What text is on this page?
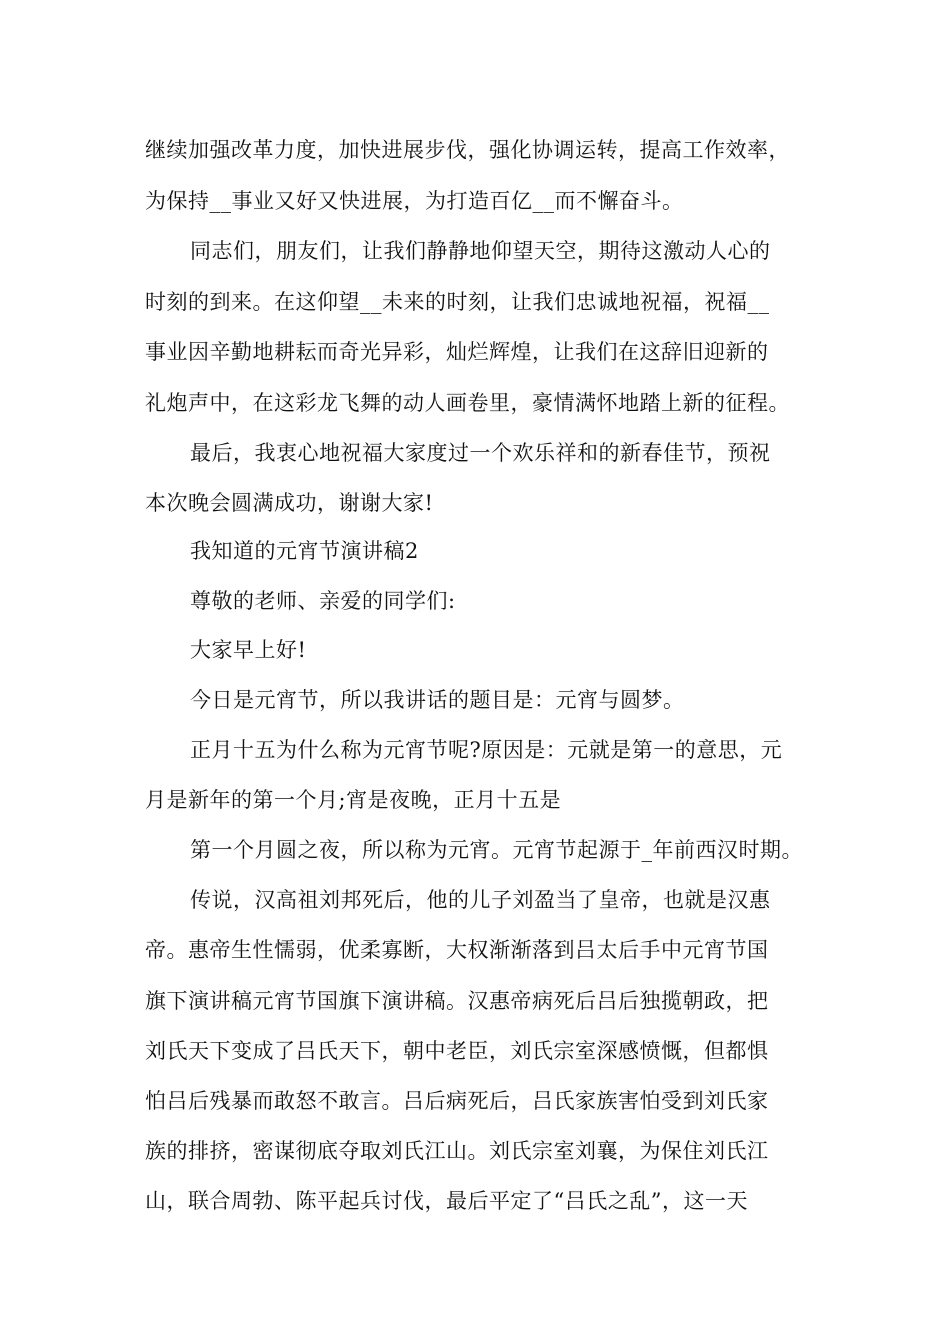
继续加强改革力度，加快进展步伐，强化协调运转，提高工作效率，
为保持__事业又好又快进展，为打造百亿__而不懈奋斗。
同志们，朋友们，让我们静静地仰望天空，期待这激动人心的
时刻的到来。在这仰望__未来的时刻，让我们忠诚地祝福，祝福__
事业因辛勤地耕耘而奇光异彩，灿烂辉煌，让我们在这辞旧迎新的
礼炮声中，在这彩龙飞舞的动人画卷里，豪情满怀地踏上新的征程。
最后，我衷心地祝福大家度过一个欢乐祥和的新春佳节，预祝
本次晚会圆满成功，谢谢大家!
我知道的元宵节演讲稿2
尊敬的老师、亲爱的同学们:
大家早上好!
今日是元宵节，所以我讲话的题目是：元宵与圆梦。
正月十五为什么称为元宵节呢?原因是：元就是第一的意思，元
月是新年的第一个月;宵是夜晚，正月十五是
第一个月圆之夜，所以称为元宵。元宵节起源于_年前西汉时期。
传说，汉高祖刘邦死后，他的儿子刘盈当了皇帝，也就是汉惠
帝。惠帝生性懦弱，优柔寡断，大权渐渐落到吕太后手中元宵节国
旗下演讲稿元宵节国旗下演讲稿。汉惠帝病死后吕后独揽朝政，把
刘氏天下变成了吕氏天下，朝中老臣，刘氏宗室深感愤慨，但都惧
怕吕后残暴而敢怒不敢言。吕后病死后，吕氏家族害怕受到刘氏家
族的排挤，密谋彻底夺取刘氏江山。刘氏宗室刘襄，为保住刘氏江
山，联合周勃、陈平起兵讨伐，最后平定了“吕氏之乱”，这一天
